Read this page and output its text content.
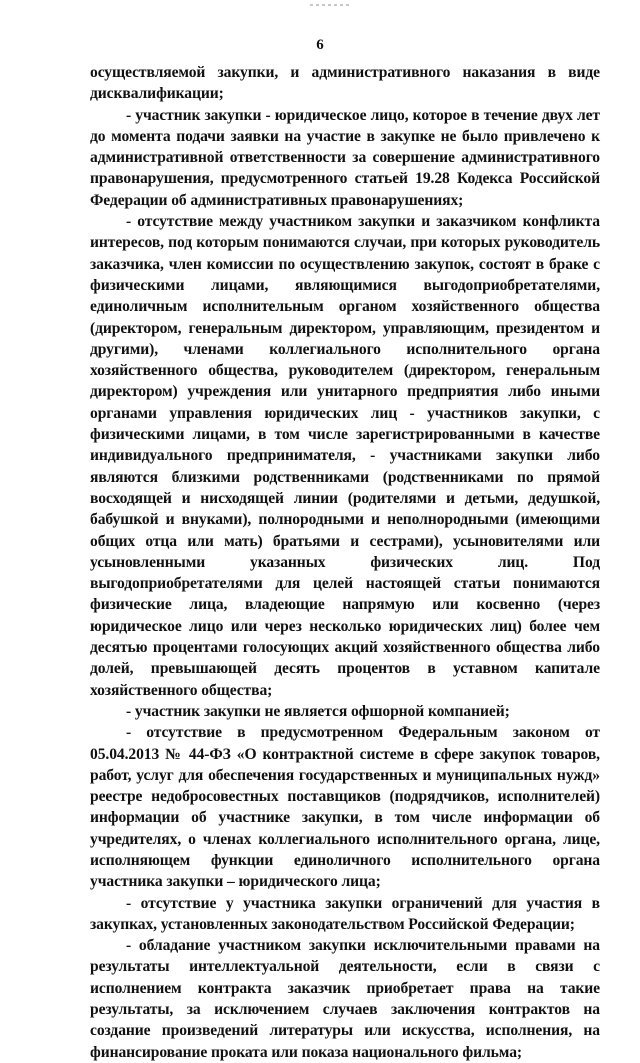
6

осуществляемой закупки, и административного наказания в виде дисквалификации;

- участник закупки - юридическое лицо, которое в течение двух лет до момента подачи заявки на участие в закупке не было привлечено к административной ответственности за совершение административного правонарушения, предусмотренного статьей 19.28 Кодекса Российской Федерации об административных правонарушениях;

- отсутствие между участником закупки и заказчиком конфликта интересов, под которым понимаются случаи, при которых руководитель заказчика, член комиссии по осуществлению закупок, состоят в браке с физическими лицами, являющимися выгодоприобретателями, единоличным исполнительным органом хозяйственного общества (директором, генеральным директором, управляющим, президентом и другими), членами коллегиального исполнительного органа хозяйственного общества, руководителем (директором, генеральным директором) учреждения или унитарного предприятия либо иными органами управления юридических лиц - участников закупки, с физическими лицами, в том числе зарегистрированными в качестве индивидуального предпринимателя, - участниками закупки либо являются близкими родственниками (родственниками по прямой восходящей и нисходящей линии (родителями и детьми, дедушкой, бабушкой и внуками), полнородными и неполнородными (имеющими общих отца или мать) братьями и сестрами), усыновителями или усыновленными указанных физических лиц. Под выгодоприобретателями для целей настоящей статьи понимаются физические лица, владеющие напрямую или косвенно (через юридическое лицо или через несколько юридических лиц) более чем десятью процентами голосующих акций хозяйственного общества либо долей, превышающей десять процентов в уставном капитале хозяйственного общества;

- участник закупки не является офшорной компанией;

- отсутствие в предусмотренном Федеральным законом от 05.04.2013 № 44-ФЗ «О контрактной системе в сфере закупок товаров, работ, услуг для обеспечения государственных и муниципальных нужд» реестре недобросовестных поставщиков (подрядчиков, исполнителей) информации об участнике закупки, в том числе информации об учредителях, о членах коллегиального исполнительного органа, лице, исполняющем функции единоличного исполнительного органа участника закупки – юридического лица;

- отсутствие у участника закупки ограничений для участия в закупках, установленных законодательством Российской Федерации;

- обладание участником закупки исключительными правами на результаты интеллектуальной деятельности, если в связи с исполнением контракта заказчик приобретает права на такие результаты, за исключением случаев заключения контрактов на создание произведений литературы или искусства, исполнения, на финансирование проката или показа национального фильма;
